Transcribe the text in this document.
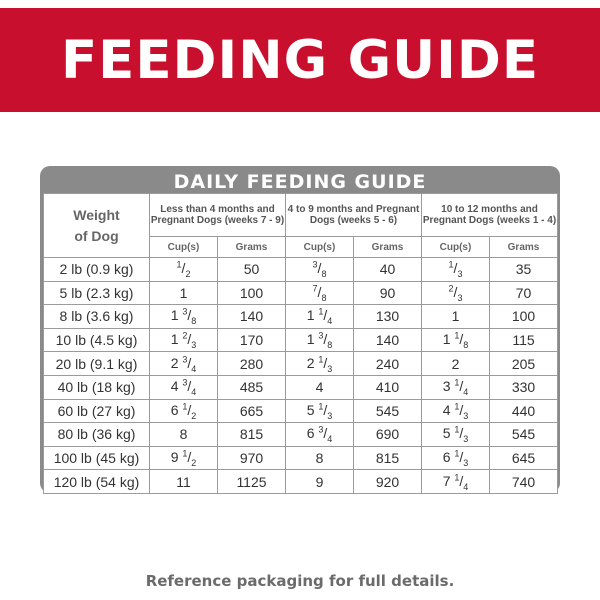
FEEDING GUIDE
DAILY FEEDING GUIDE
Weight of Dog	Less than 4 months and Pregnant Dogs (weeks 7 - 9)		4 to 9 months and Pregnant Dogs (weeks 5 - 6)		10 to 12 months and Pregnant Dogs (weeks 1 - 4)	
	Cup(s)	Grams	Cup(s)	Grams	Cup(s)	Grams
2 lb (0.9 kg)	$^1/_2$	50	$^3/_8$	40	$^1/_3$	35
5 lb (2.3 kg)	1	100	$^7/_8$	90	$^2/_3$	70
8 lb (3.6 kg)	1 $^3/_8$	140	1 $^1/_4$	130	1	100
10 lb (4.5 kg)	1 $^2/_3$	170	1 $^3/_8$	140	1 $^1/_8$	115
20 lb (9.1 kg)	2 $^3/_4$	280	2 $^1/_3$	240	2	205
40 lb (18 kg)	4 $^3/_4$	485	4	410	3 $^1/_4$	330
60 lb (27 kg)	6 $^1/_2$	665	5 $^1/_3$	545	4 $^1/_3$	440
80 lb (36 kg)	8	815	6 $^3/_4$	690	5 $^1/_3$	545
100 lb (45 kg)	9 $^1/_2$	970	8	815	6 $^1/_3$	645
120 lb (54 kg)	11	1125	9	920	7 $^1/_4$	740
Reference packaging for full details.
